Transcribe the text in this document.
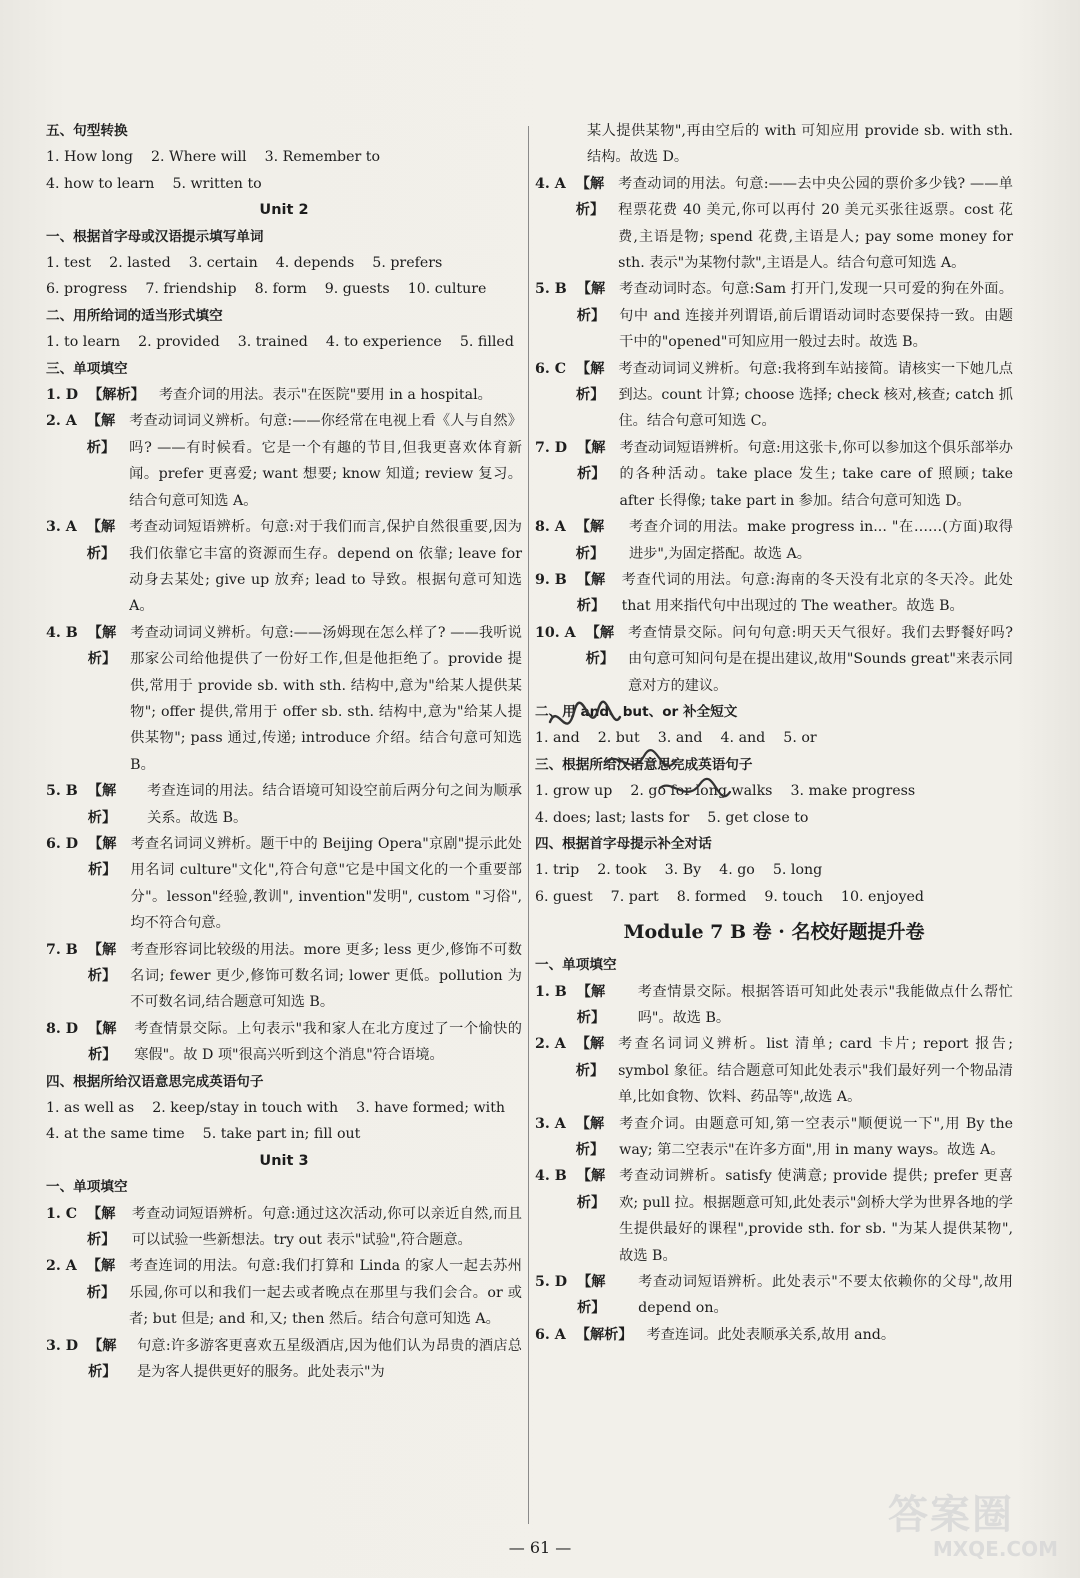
五、句型转换
1. How long    2. Where will    3. Remember to
4. how to learn    5. written to
Unit 2
一、根据首字母或汉语提示填写单词
1. test    2. lasted    3. certain    4. depends    5. prefers
6. progress    7. friendship    8. form    9. guests    10. culture
二、用所给词的适当形式填空
1. to learn    2. provided    3. trained    4. to experience    5. filled
三、单项填空
1. D 【解析】 考查介词的用法。表示"在医院"要用 in a hospital。
2. A 【解析】
考查动词词义辨析。句意:——你经常在电视上看《人与自然》吗? ——有时候看。它是一个有趣的节目,但我更喜欢体育新闻。prefer 更喜爱; want 想要; know 知道; review 复习。结合句意可知选 A。
3. A 【解析】
考查动词短语辨析。句意:对于我们而言,保护自然很重要,因为我们依靠它丰富的资源而生存。depend on 依靠; leave for 动身去某处; give up 放弃; lead to 导致。根据句意可知选 A。
4. B 【解析】
考查动词词义辨析。句意:——汤姆现在怎么样了? ——我听说那家公司给他提供了一份好工作,但是他拒绝了。provide 提供,常用于 provide sb. with sth. 结构中,意为"给某人提供某物"; offer 提供,常用于 offer sb. sth. 结构中,意为"给某人提供某物"; pass 通过,传递; introduce 介绍。结合句意可知选 B。
5. B 【解析】
考查连词的用法。结合语境可知设空前后两分句之间为顺承关系。故选 B。
6. D 【解析】
考查名词词义辨析。题干中的 Beijing Opera"京剧"提示此处用名词 culture"文化",符合句意"它是中国文化的一个重要部分"。lesson"经验,教训", invention"发明", custom "习俗",均不符合句意。
7. B 【解析】
考查形容词比较级的用法。more 更多; less 更少,修饰不可数名词; fewer 更少,修饰可数名词; lower 更低。pollution 为不可数名词,结合题意可知选 B。
8. D 【解析】
考查情景交际。上句表示"我和家人在北方度过了一个愉快的寒假"。故 D 项"很高兴听到这个消息"符合语境。
四、根据所给汉语意思完成英语句子
1. as well as    2. keep/stay in touch with    3. have formed; with
4. at the same time    5. take part in; fill out
Unit 3
一、单项填空
1. C 【解析】
考查动词短语辨析。句意:通过这次活动,你可以亲近自然,而且可以试验一些新想法。try out 表示"试验",符合题意。
2. A 【解析】
考查连词的用法。句意:我们打算和 Linda 的家人一起去苏州乐园,你可以和我们一起去或者晚点在那里与我们会合。or 或者; but 但是; and 和,又; then 然后。结合句意可知选 A。
3. D 【解析】
句意:许多游客更喜欢五星级酒店,因为他们认为昂贵的酒店总是为客人提供更好的服务。此处表示"为
某人提供某物",再由空后的 with 可知应用 provide sb. with sth. 结构。故选 D。
4. A 【解析】
考查动词的用法。句意:——去中央公园的票价多少钱? ——单程票花费 40 美元,你可以再付 20 美元买张往返票。cost 花费,主语是物; spend 花费,主语是人; pay some money for sth. 表示"为某物付款",主语是人。结合句意可知选 A。
5. B 【解析】
考查动词时态。句意:Sam 打开门,发现一只可爱的狗在外面。句中 and 连接并列谓语,前后谓语动词时态要保持一致。由题干中的"opened"可知应用一般过去时。故选 B。
6. C 【解析】
考查动词词义辨析。句意:我将到车站接简。请核实一下她几点到达。count 计算; choose 选择; check 核对,核查; catch 抓住。结合句意可知选 C。
7. D 【解析】
考查动词短语辨析。句意:用这张卡,你可以参加这个俱乐部举办的各种活动。take place 发生; take care of 照顾; take after 长得像; take part in 参加。结合句意可知选 D。
8. A 【解析】
考查介词的用法。make progress in... "在……(方面)取得进步",为固定搭配。故选 A。
9. B 【解析】
考查代词的用法。句意:海南的冬天没有北京的冬天冷。此处 that 用来指代句中出现过的 The weather。故选 B。
10. A 【解析】
考查情景交际。问句句意:明天天气很好。我们去野餐好吗? 由句意可知问句是在提出建议,故用"Sounds great"来表示同意对方的建议。
二、用 and、but、or 补全短文
1. and    2. but    3. and    4. and    5. or
三、根据所给汉语意思完成英语句子
1. grow up    2. go for long walks    3. make progress
4. does; last; lasts for    5. get close to
四、根据首字母提示补全对话
1. trip    2. took    3. By    4. go    5. long
6. guest    7. part    8. formed    9. touch    10. enjoyed
Module 7 B 卷 · 名校好题提升卷
一、单项填空
1. B 【解析】
考查情景交际。根据答语可知此处表示"我能做点什么帮忙吗"。故选 B。
2. A 【解析】
考查名词词义辨析。list 清单; card 卡片; report 报告; symbol 象征。结合题意可知此处表示"我们最好列一个物品清单,比如食物、饮料、药品等",故选 A。
3. A 【解析】
考查介词。由题意可知,第一空表示"顺便说一下",用 By the way; 第二空表示"在许多方面",用 in many ways。故选 A。
4. B 【解析】
考查动词辨析。satisfy 使满意; provide 提供; prefer 更喜欢; pull 拉。根据题意可知,此处表示"剑桥大学为世界各地的学生提供最好的课程",provide sth. for sb. "为某人提供某物",故选 B。
5. D 【解析】
考查动词短语辨析。此处表示"不要太依赖你的父母",故用 depend on。
6. A 【解析】 考查连词。此处表顺承关系,故用 and。
— 61 —
答案圈
MXQE.COM
